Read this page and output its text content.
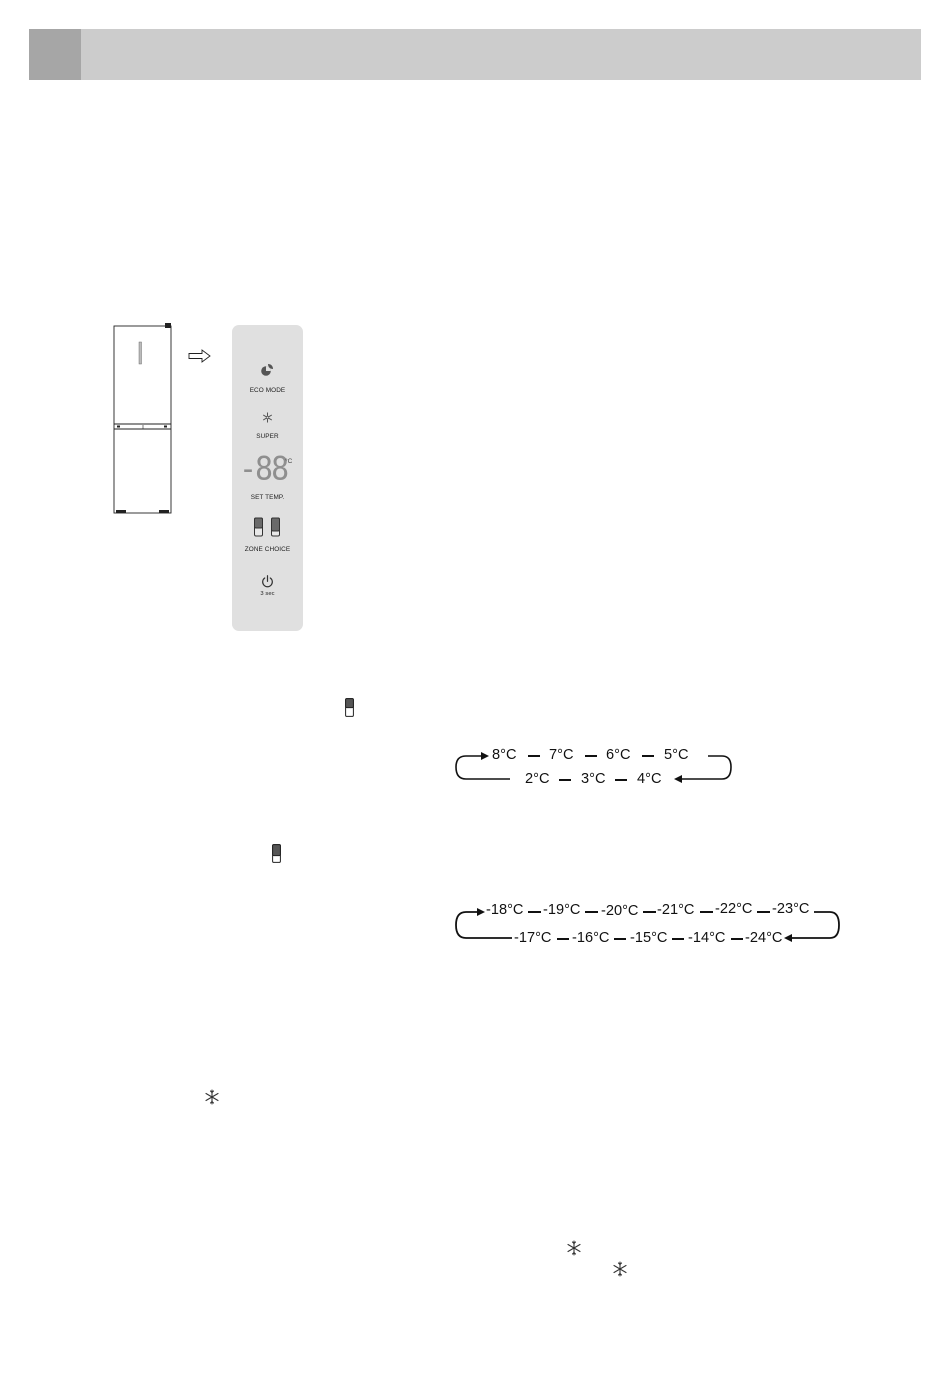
ECO MODE
SUPER
-88
°C
SET TEMP.
ZONE CHOICE
3 sec
8°C 7°C 6°C 5°C
2°C 3°C 4°C
-18°C -19°C -20°C -21°C -22°C -23°C
-17°C -16°C -15°C -14°C -24°C
